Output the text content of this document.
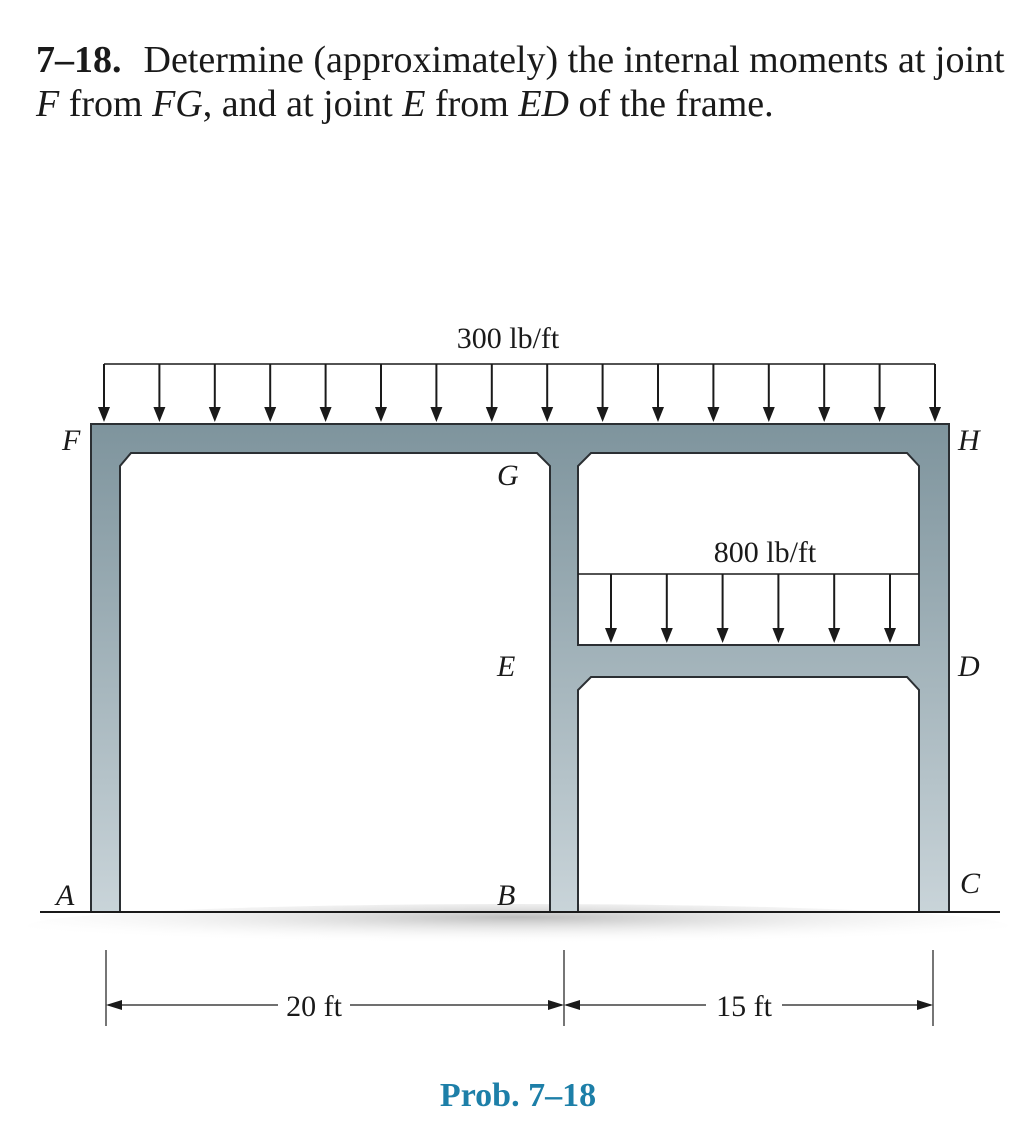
7–18. Determine (approximately) the internal moments at joint F from FG, and at joint E from ED of the frame.
300 lb/ft
800 lb/ft
F	H
G
E	D
A	B	C
20 ft	15 ft
Prob. 7–18
